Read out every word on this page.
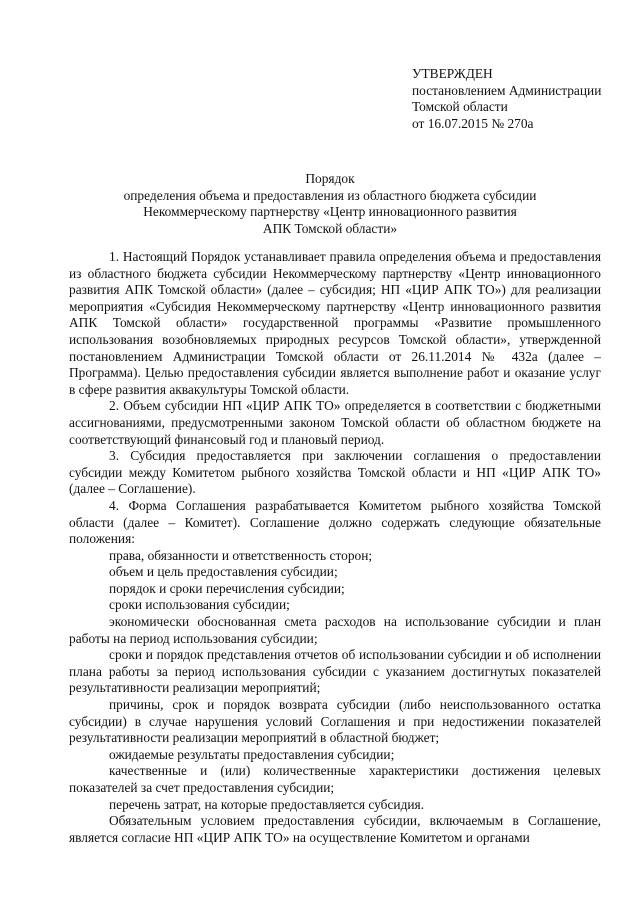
УТВЕРЖДЕН
постановлением Администрации
Томской области
от 16.07.2015 № 270а
Порядок
определения объема и предоставления из областного бюджета субсидии
Некоммерческому партнерству «Центр инновационного развития
АПК Томской области»

1. Настоящий Порядок устанавливает правила определения объема и предоставления из областного бюджета субсидии Некоммерческому партнерству «Центр инновационного развития АПК Томской области» (далее – субсидия; НП «ЦИР АПК ТО») для реализации мероприятия «Субсидия Некоммерческому партнерству «Центр инновационного развития АПК Томской области» государственной программы «Развитие промышленного использования возобновляемых природных ресурсов Томской области», утвержденной постановлением Администрации Томской области от 26.11.2014 № 432а (далее – Программа). Целью предоставления субсидии является выполнение работ и оказание услуг в сфере развития аквакультуры Томской области.

2. Объем субсидии НП «ЦИР АПК ТО» определяется в соответствии с бюджетными ассигнованиями, предусмотренными законом Томской области об областном бюджете на соответствующий финансовый год и плановый период.

3. Субсидия предоставляется при заключении соглашения о предоставлении субсидии между Комитетом рыбного хозяйства Томской области и НП «ЦИР АПК ТО» (далее – Соглашение).

4. Форма Соглашения разрабатывается Комитетом рыбного хозяйства Томской области (далее – Комитет). Соглашение должно содержать следующие обязательные положения:

права, обязанности и ответственность сторон;

объем и цель предоставления субсидии;

порядок и сроки перечисления субсидии;

сроки использования субсидии;

экономически обоснованная смета расходов на использование субсидии и план работы на период использования субсидии;

сроки и порядок представления отчетов об использовании субсидии и об исполнении плана работы за период использования субсидии с указанием достигнутых показателей результативности реализации мероприятий;

причины, срок и порядок возврата субсидии (либо неиспользованного остатка субсидии) в случае нарушения условий Соглашения и при недостижении показателей результативности реализации мероприятий в областной бюджет;

ожидаемые результаты предоставления субсидии;

качественные и (или) количественные характеристики достижения целевых показателей за счет предоставления субсидии;

перечень затрат, на которые предоставляется субсидия.

Обязательным условием предоставления субсидии, включаемым в Соглашение, является согласие НП «ЦИР АПК ТО» на осуществление Комитетом и органами
